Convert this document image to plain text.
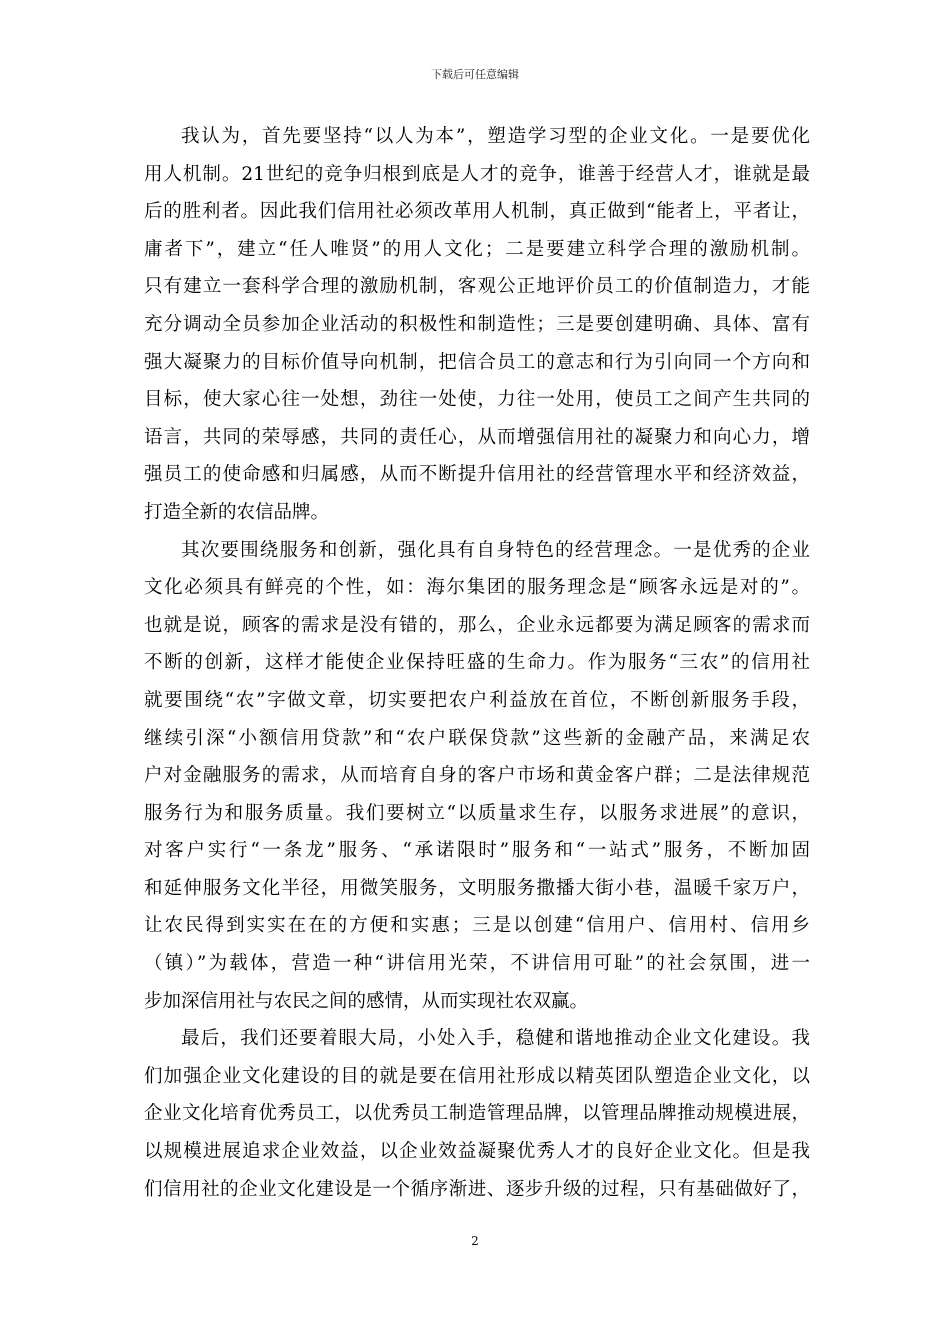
下载后可任意编辑
我认为，首先要坚持“以人为本”，塑造学习型的企业文化。一是要优化
用人机制。21世纪的竞争归根到底是人才的竞争，谁善于经营人才，谁就是最
后的胜利者。因此我们信用社必须改革用人机制，真正做到“能者上，平者让，
庸者下”，建立“任人唯贤”的用人文化；二是要建立科学合理的激励机制。
只有建立一套科学合理的激励机制，客观公正地评价员工的价值制造力，才能
充分调动全员参加企业活动的积极性和制造性；三是要创建明确、具体、富有
强大凝聚力的目标价值导向机制，把信合员工的意志和行为引向同一个方向和
目标，使大家心往一处想，劲往一处使，力往一处用，使员工之间产生共同的
语言，共同的荣辱感，共同的责任心，从而增强信用社的凝聚力和向心力，增
强员工的使命感和归属感，从而不断提升信用社的经营管理水平和经济效益，
打造全新的农信品牌。
其次要围绕服务和创新，强化具有自身特色的经营理念。一是优秀的企业
文化必须具有鲜亮的个性，如：海尔集团的服务理念是“顾客永远是对的”。
也就是说，顾客的需求是没有错的，那么，企业永远都要为满足顾客的需求而
不断的创新，这样才能使企业保持旺盛的生命力。作为服务“三农”的信用社
就要围绕“农”字做文章，切实要把农户利益放在首位，不断创新服务手段，
继续引深“小额信用贷款”和“农户联保贷款”这些新的金融产品，来满足农
户对金融服务的需求，从而培育自身的客户市场和黄金客户群；二是法律规范
服务行为和服务质量。我们要树立“以质量求生存，以服务求进展”的意识，
对客户实行“一条龙”服务、“承诺限时”服务和“一站式”服务，不断加固
和延伸服务文化半径，用微笑服务，文明服务撒播大街小巷，温暖千家万户，
让农民得到实实在在的方便和实惠；三是以创建“信用户、信用村、信用乡
（镇）”为载体，营造一种“讲信用光荣，不讲信用可耻”的社会氛围，进一
步加深信用社与农民之间的感情，从而实现社农双赢。
最后，我们还要着眼大局，小处入手，稳健和谐地推动企业文化建设。我
们加强企业文化建设的目的就是要在信用社形成以精英团队塑造企业文化，以
企业文化培育优秀员工，以优秀员工制造管理品牌，以管理品牌推动规模进展，
以规模进展追求企业效益，以企业效益凝聚优秀人才的良好企业文化。但是我
们信用社的企业文化建设是一个循序渐进、逐步升级的过程，只有基础做好了，
2
